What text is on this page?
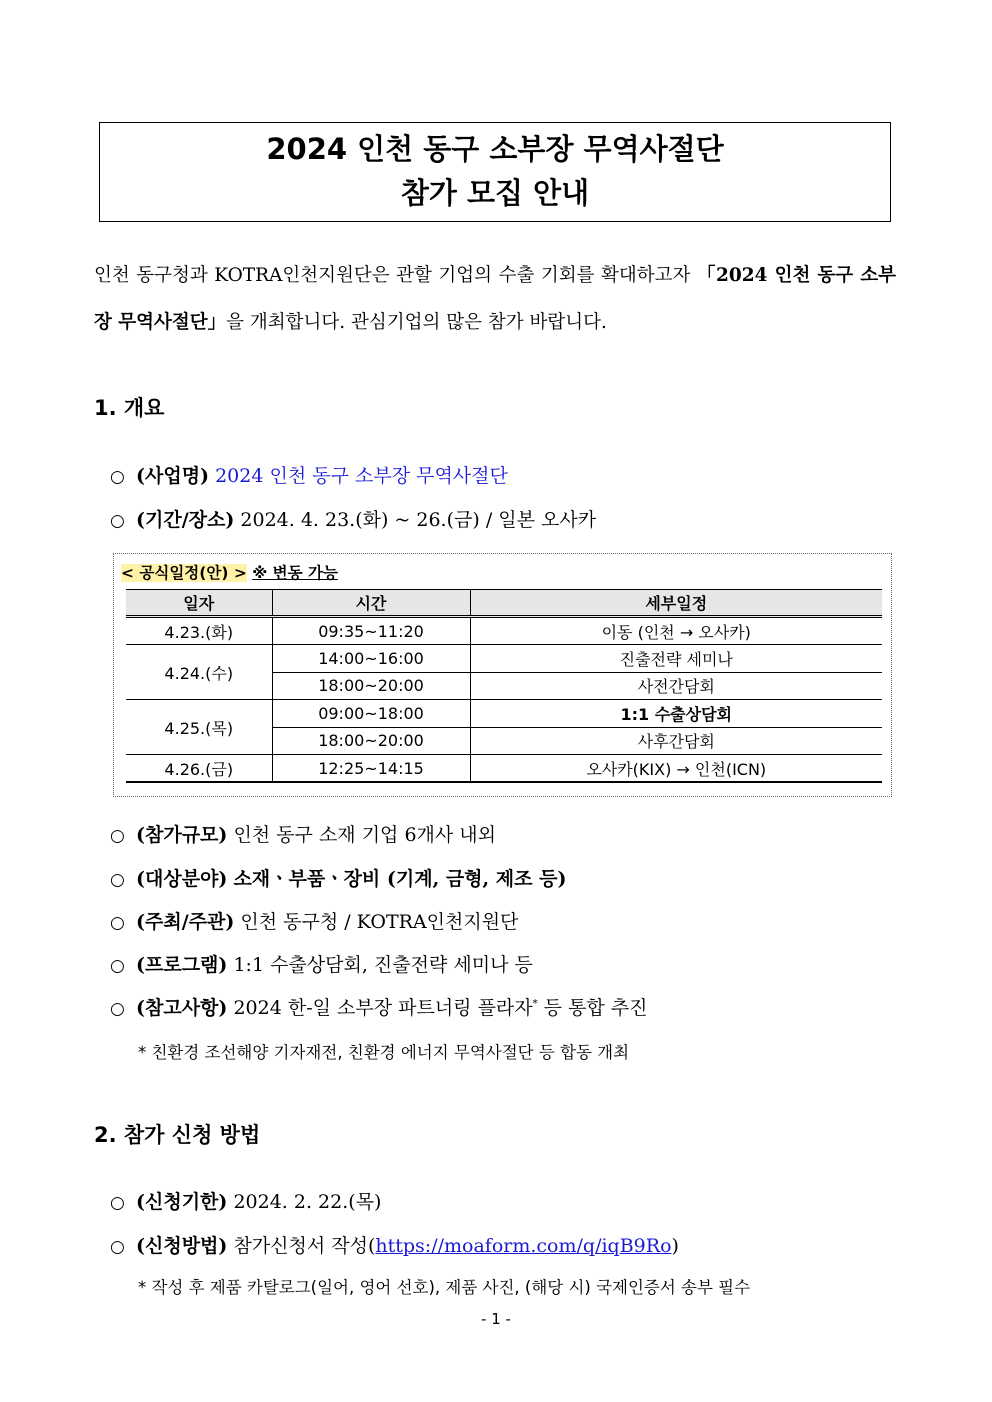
2024 인천 동구 소부장 무역사절단
참가 모집 안내
인천 동구청과 KOTRA인천지원단은 관할 기업의 수출 기회를 확대하고자 「2024 인천 동구 소부장 무역사절단」을 개최합니다. 관심기업의 많은 참가 바랍니다.
1. 개요
○ (사업명) 2024 인천 동구 소부장 무역사절단
○ (기간/장소) 2024. 4. 23.(화) ~ 26.(금) / 일본 오사카
< 공식일정(안) > ※ 변동 가능
일자	시간	세부일정
4.23.(화)	09:35~11:20	이동 (인천 → 오사카)
4.24.(수)	14:00~16:00	진출전략 세미나
	18:00~20:00	사전간담회
4.25.(목)	09:00~18:00	1:1 수출상담회
	18:00~20:00	사후간담회
4.26.(금)	12:25~14:15	오사카(KIX) → 인천(ICN)
○ (참가규모) 인천 동구 소재 기업 6개사 내외
○ (대상분야) 소재ㆍ부품ㆍ장비 (기계, 금형, 제조 등)
○ (주최/주관) 인천 동구청 / KOTRA인천지원단
○ (프로그램) 1:1 수출상담회, 진출전략 세미나 등
○ (참고사항) 2024 한-일 소부장 파트너링 플라자* 등 통합 추진
* 친환경 조선해양 기자재전, 친환경 에너지 무역사절단 등 합동 개최
2. 참가 신청 방법
○ (신청기한) 2024. 2. 22.(목)
○ (신청방법) 참가신청서 작성(https://moaform.com/q/iqB9Ro)
* 작성 후 제품 카탈로그(일어, 영어 선호), 제품 사진, (해당 시) 국제인증서 송부 필수
- 1 -
